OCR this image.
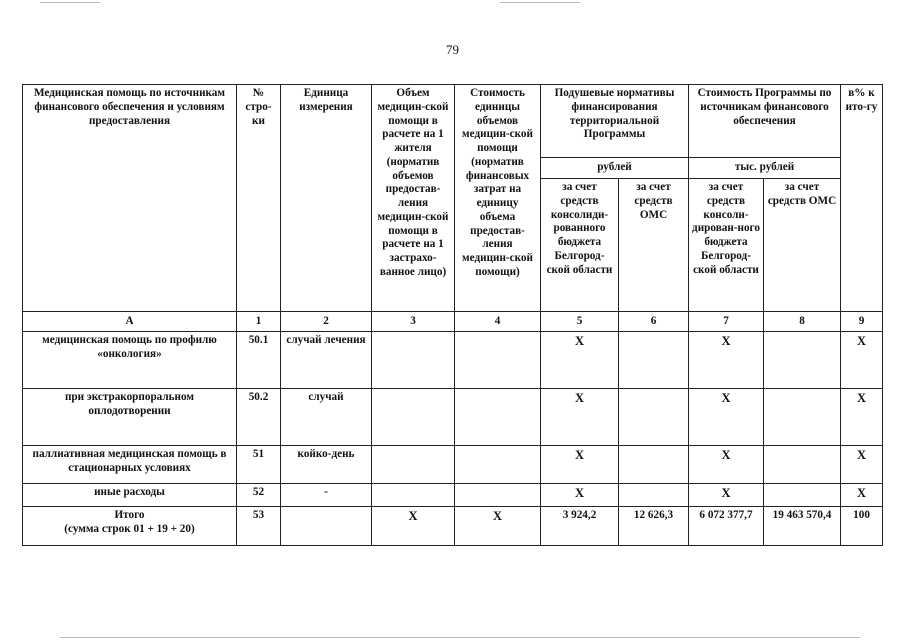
79
Медицинская помощь по источникам финансового обеспечения и условиям предоставления	№ стро-ки	Единица измерения	Объем медицин-ской помощи в расчете на 1 жителя (норматив объемов предостав-ления медицин-ской помощи в расчете на 1 застрахо-ванное лицо)	Стоимость единицы объемов медицин-ской помощи (норматив финансовых затрат на единицу объема предостав-ления медицин-ской помощи)	Подушевые нормативы финансирования территориальной Программы		Стоимость Программы по источникам финансового обеспечения		в% к ито-гу
					рублей		тыс. рублей		
					за счет средств консолиди-рованного бюджета Белгород-ской области	за счет средств ОМС	за счет средств консоли-дирован-ного бюджета Белгород-ской области	за счет средств ОМС	
А	1	2	3	4	5	6	7	8	9
медицинская помощь по профилю «онкология»	50.1	случай лечения			Х		Х		Х
при экстракорпоральном оплодотворении	50.2	случай			Х		Х		Х
паллиативная медицинская помощь в стационарных условиях	51	койко-день			Х		Х		Х
иные расходы	52	-			Х		Х		Х

Итого
(сумма строк 01 + 19 + 20)	53		Х	Х	3 924,2	12 626,3	6 072 377,7	19 463 570,4	100
